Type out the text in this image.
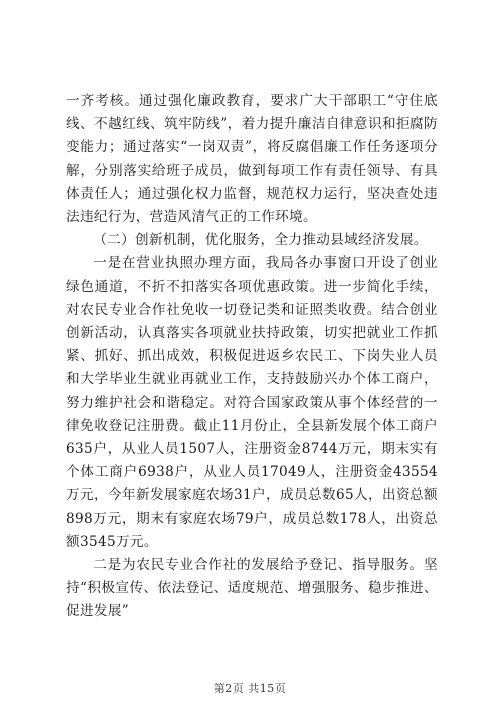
一齐考核。通过强化廉政教育，要求广大干部职工“守住底线、不越红线、筑牢防线”，着力提升廉洁自律意识和拒腐防变能力；通过落实“一岗双责”，将反腐倡廉工作任务逐项分解，分别落实给班子成员，做到每项工作有责任领导、有具体责任人；通过强化权力监督，规范权力运行，坚决查处违法违纪行为，营造风清气正的工作环境。

（二）创新机制，优化服务，全力推动县域经济发展。

一是在营业执照办理方面，我局各办事窗口开设了创业绿色通道，不折不扣落实各项优惠政策。进一步简化手续，对农民专业合作社免收一切登记类和证照类收费。结合创业创新活动，认真落实各项就业扶持政策，切实把就业工作抓紧、抓好、抓出成效，积极促进返乡农民工、下岗失业人员和大学毕业生就业再就业工作，支持鼓励兴办个体工商户，努力维护社会和谐稳定。对符合国家政策从事个体经营的一律免收登记注册费。截止11月份止，全县新发展个体工商户635户，从业人员1507人，注册资金8744万元，期末实有个体工商户6938户，从业人员17049人，注册资金43554万元，今年新发展家庭农场31户，成员总数65人，出资总额898万元，期末有家庭农场79户，成员总数178人，出资总额3545万元。

二是为农民专业合作社的发展给予登记、指导服务。坚持“积极宣传、依法登记、适度规范、增强服务、稳步推进、促进发展”

第2页 共15页
